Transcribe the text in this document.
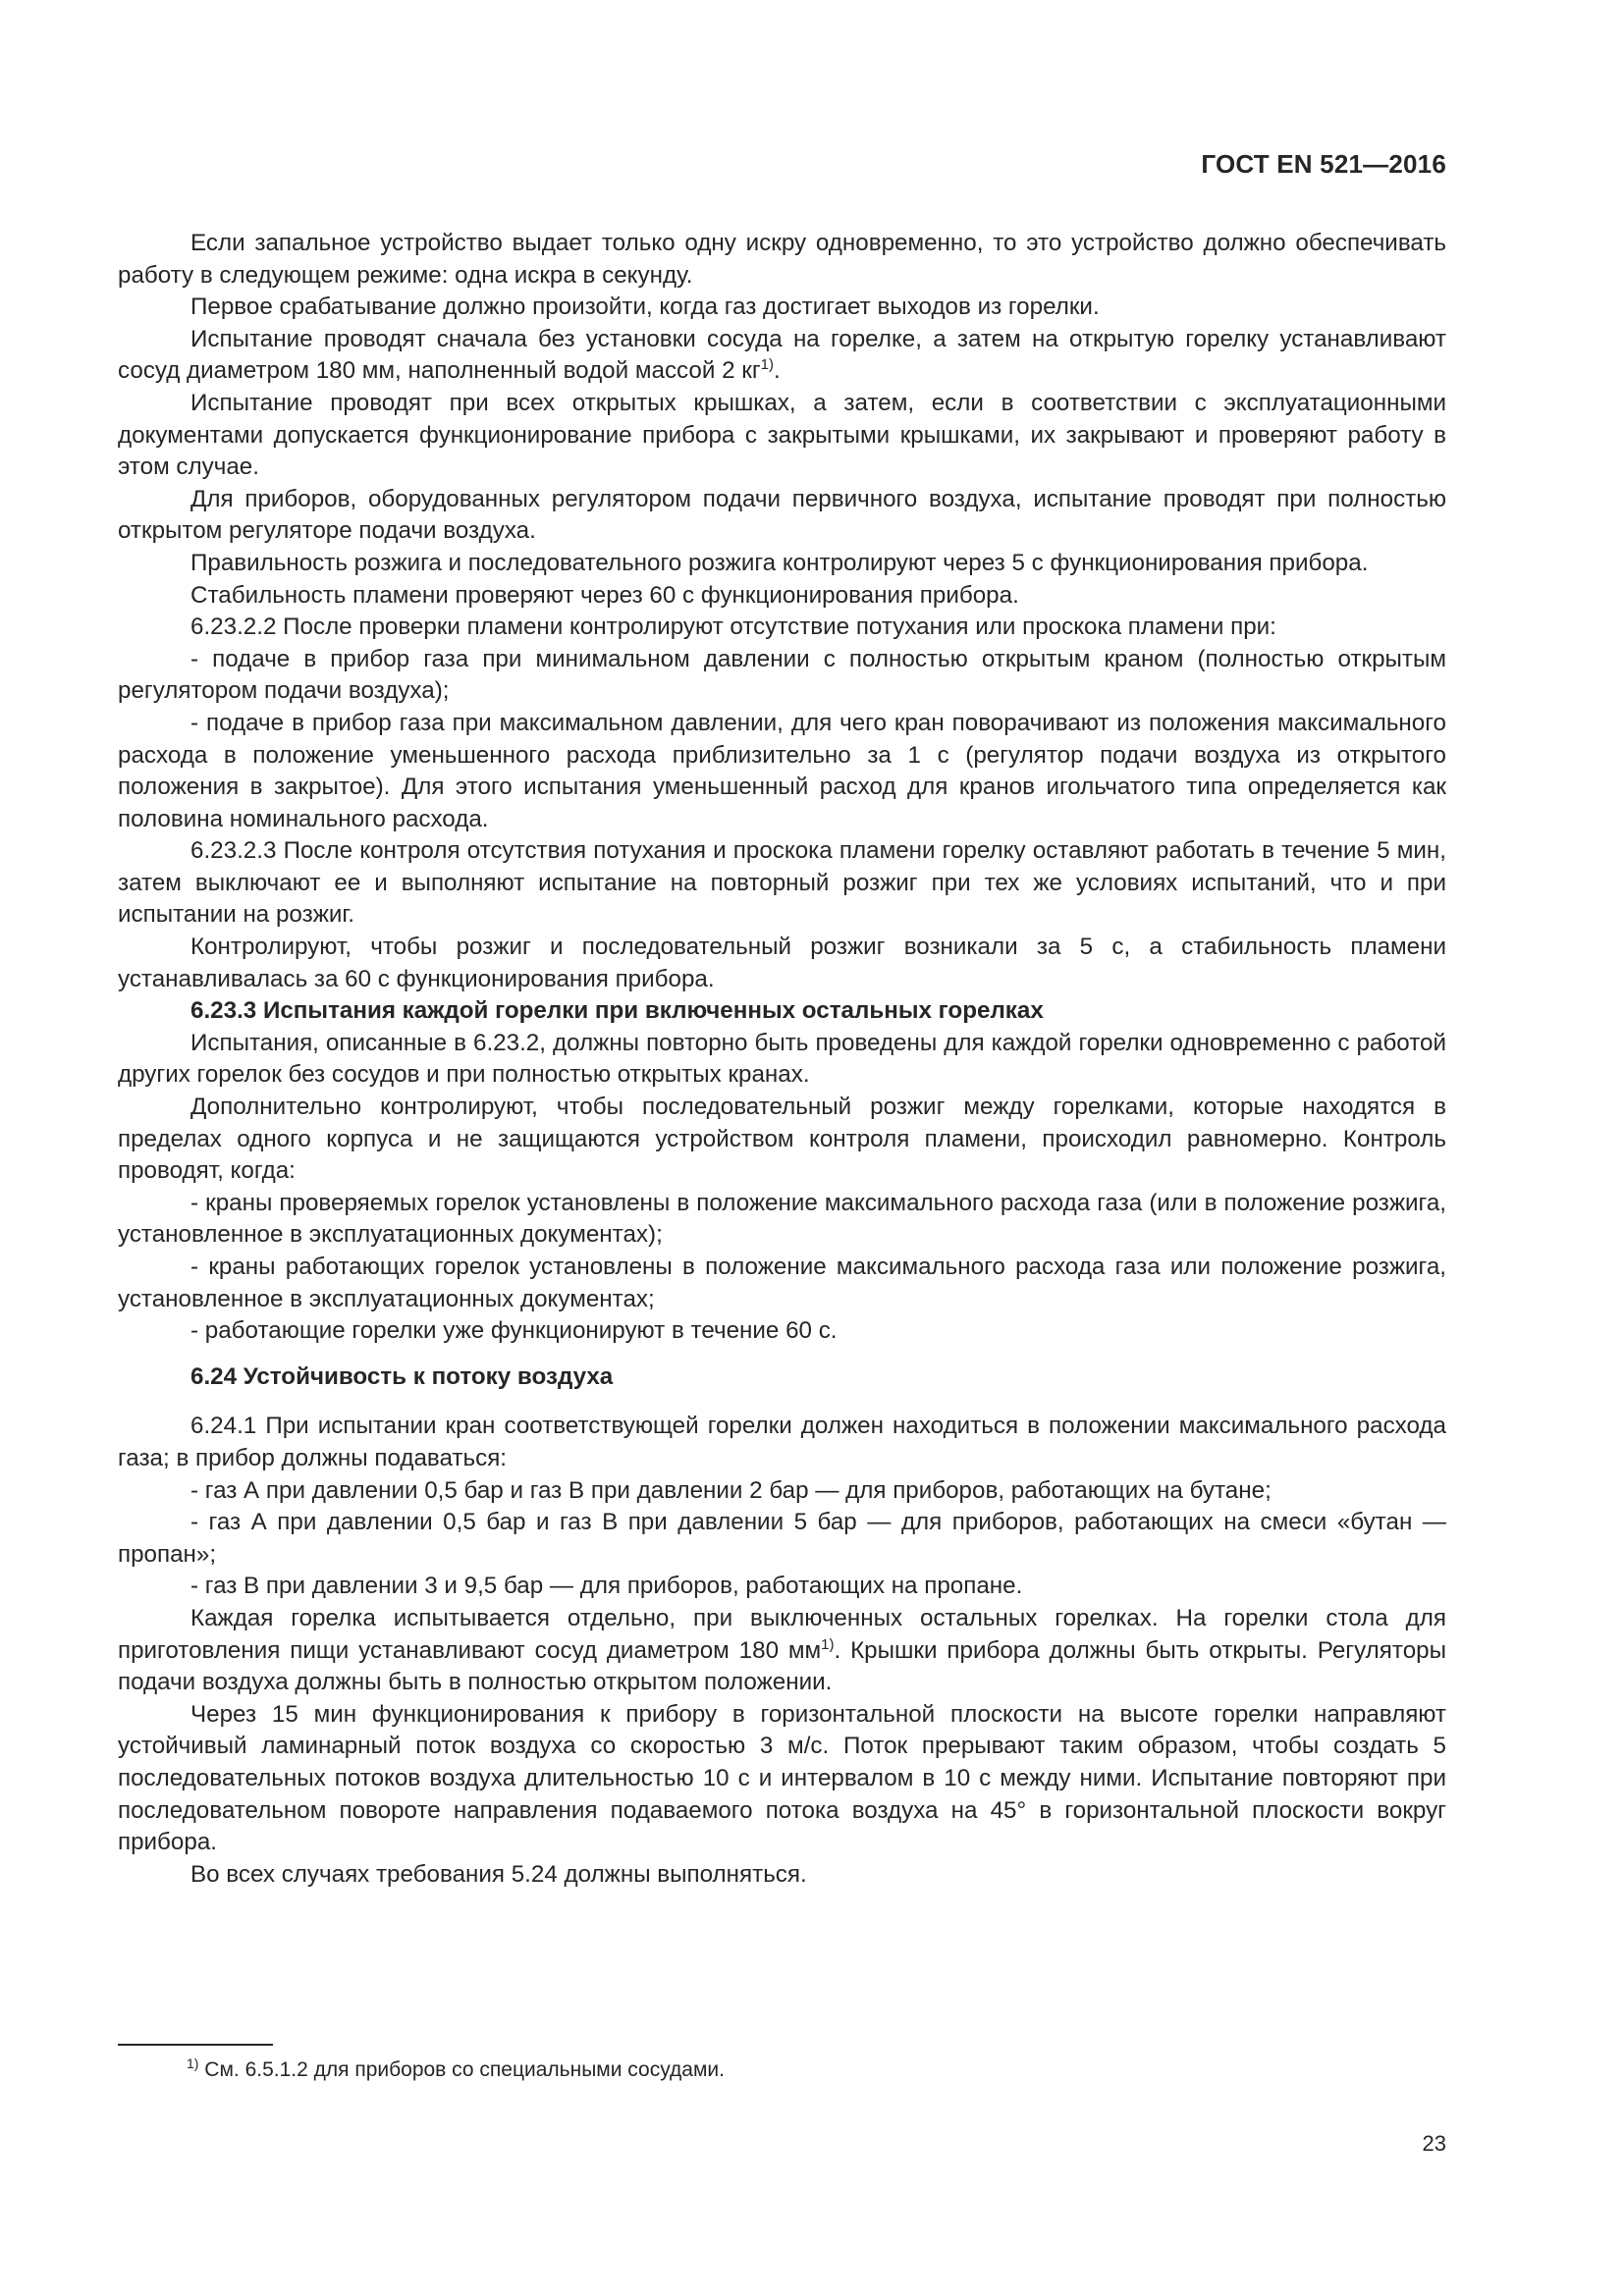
ГОСТ EN 521—2016

Если запальное устройство выдает только одну искру одновременно, то это устройство должно обеспечивать работу в следующем режиме: одна искра в секунду.

Первое срабатывание должно произойти, когда газ достигает выходов из горелки.

Испытание проводят сначала без установки сосуда на горелке, а затем на открытую горелку устанавливают сосуд диаметром 180 мм, наполненный водой массой 2 $кг^{1)}$.

Испытание проводят при всех открытых крышках, а затем, если в соответствии с эксплуатационными документами допускается функционирование прибора с закрытыми крышками, их закрывают и проверяют работу в этом случае.

Для приборов, оборудованных регулятором подачи первичного воздуха, испытание проводят при полностью открытом регуляторе подачи воздуха.

Правильность розжига и последовательного розжига контролируют через 5 с функционирования прибора.

Стабильность пламени проверяют через 60 с функционирования прибора.

6.23.2.2 После проверки пламени контролируют отсутствие потухания или проскока пламени при:

- подаче в прибор газа при минимальном давлении с полностью открытым краном (полностью открытым регулятором подачи воздуха);

- подаче в прибор газа при максимальном давлении, для чего кран поворачивают из положения максимального расхода в положение уменьшенного расхода приблизительно за 1 с (регулятор подачи воздуха из открытого положения в закрытое). Для этого испытания уменьшенный расход для кранов игольчатого типа определяется как половина номинального расхода.

6.23.2.3 После контроля отсутствия потухания и проскока пламени горелку оставляют работать в течение 5 мин, затем выключают ее и выполняют испытание на повторный розжиг при тех же условиях испытаний, что и при испытании на розжиг.

Контролируют, чтобы розжиг и последовательный розжиг возникали за 5 с, а стабильность пламени устанавливалась за 60 с функционирования прибора.

6.23.3 Испытания каждой горелки при включенных остальных горелках

Испытания, описанные в 6.23.2, должны повторно быть проведены для каждой горелки одновременно с работой других горелок без сосудов и при полностью открытых кранах.

Дополнительно контролируют, чтобы последовательный розжиг между горелками, которые находятся в пределах одного корпуса и не защищаются устройством контроля пламени, происходил равномерно. Контроль проводят, когда:

- краны проверяемых горелок установлены в положение максимального расхода газа (или в положение розжига, установленное в эксплуатационных документах);

- краны работающих горелок установлены в положение максимального расхода газа или положение розжига, установленное в эксплуатационных документах;

- работающие горелки уже функционируют в течение 60 с.

6.24 Устойчивость к потоку воздуха

6.24.1 При испытании кран соответствующей горелки должен находиться в положении максимального расхода газа; в прибор должны подаваться:

- газ А при давлении 0,5 бар и газ В при давлении 2 бар — для приборов, работающих на бутане;

- газ А при давлении 0,5 бар и газ В при давлении 5 бар — для приборов, работающих на смеси «бутан — пропан»;

- газ В при давлении 3 и 9,5 бар — для приборов, работающих на пропане.

Каждая горелка испытывается отдельно, при выключенных остальных горелках. На горелки стола для приготовления пищи устанавливают сосуд диаметром 180 $мм^{1)}$. Крышки прибора должны быть открыты. Регуляторы подачи воздуха должны быть в полностью открытом положении.

Через 15 мин функционирования к прибору в горизонтальной плоскости на высоте горелки направляют устойчивый ламинарный поток воздуха со скоростью 3 м/с. Поток прерывают таким образом, чтобы создать 5 последовательных потоков воздуха длительностью 10 с и интервалом в 10 с между ними. Испытание повторяют при последовательном повороте направления подаваемого потока воздуха на 45° в горизонтальной плоскости вокруг прибора.

Во всех случаях требования 5.24 должны выполняться.

$^{1)}$ См. 6.5.1.2 для приборов со специальными сосудами.
23
